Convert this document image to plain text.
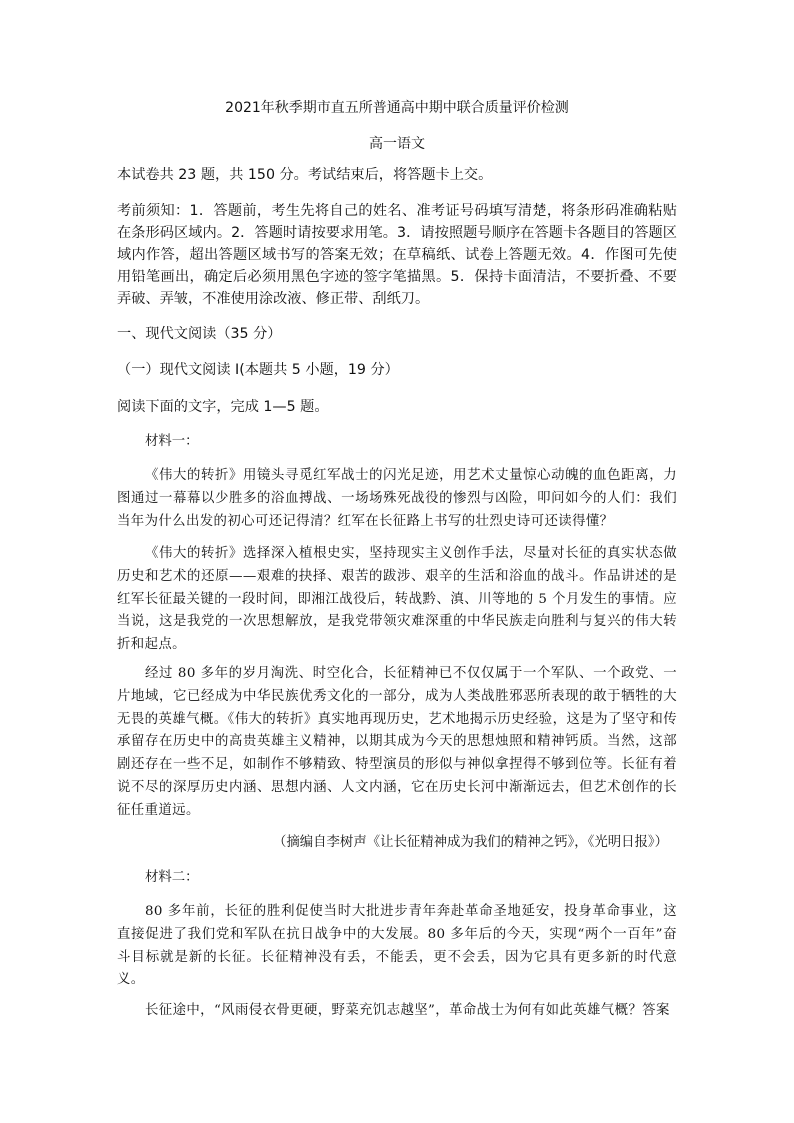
2021年秋季期市直五所普通高中期中联合质量评价检测
高一语文
本试卷共 23 题，共 150 分。考试结束后，将答题卡上交。
考前须知：1．答题前，考生先将自己的姓名、准考证号码填写清楚，将条形码准确粘贴在条形码区域内。2．答题时请按要求用笔。3．请按照题号顺序在答题卡各题目的答题区域内作答，超出答题区域书写的答案无效；在草稿纸、试卷上答题无效。4．作图可先使用铅笔画出，确定后必须用黑色字迹的签字笔描黑。5．保持卡面清洁，不要折叠、不要弄破、弄皱，不准使用涂改液、修正带、刮纸刀。
一、现代文阅读（35 分）
（一）现代文阅读 I(本题共 5 小题，19 分）
阅读下面的文字，完成 1—5 题。
材料一：
《伟大的转折》用镜头寻觅红军战士的闪光足迹，用艺术丈量惊心动魄的血色距离，力图通过一幕幕以少胜多的浴血搏战、一场场殊死战役的惨烈与凶险，叩问如今的人们：我们当年为什么出发的初心可还记得清？红军在长征路上书写的壮烈史诗可还读得懂？
《伟大的转折》选择深入植根史实，坚持现实主义创作手法，尽量对长征的真实状态做历史和艺术的还原——艰难的抉择、艰苦的跋涉、艰辛的生活和浴血的战斗。作品讲述的是红军长征最关键的一段时间，即湘江战役后，转战黔、滇、川等地的 5 个月发生的事情。应当说，这是我党的一次思想解放，是我党带领灾难深重的中华民族走向胜利与复兴的伟大转折和起点。
经过 80 多年的岁月淘洗、时空化合，长征精神已不仅仅属于一个军队、一个政党、一片地域，它已经成为中华民族优秀文化的一部分，成为人类战胜邪恶所表现的敢于牺牲的大无畏的英雄气概。《伟大的转折》真实地再现历史，艺术地揭示历史经验，这是为了坚守和传承留存在历史中的高贵英雄主义精神，以期其成为今天的思想烛照和精神钙质。当然，这部剧还存在一些不足，如制作不够精致、特型演员的形似与神似拿捏得不够到位等。长征有着说不尽的深厚历史内涵、思想内涵、人文内涵，它在历史长河中渐渐远去，但艺术创作的长征任重道远。
（摘编自李树声《让长征精神成为我们的精神之钙》，《光明日报》）
材料二：
80 多年前，长征的胜利促使当时大批进步青年奔赴革命圣地延安，投身革命事业，这直接促进了我们党和军队在抗日战争中的大发展。80 多年后的今天，实现“两个一百年”奋斗目标就是新的长征。长征精神没有丢，不能丢，更不会丢，因为它具有更多新的时代意义。
长征途中，“风雨侵衣骨更硬，野菜充饥志越坚”，革命战士为何有如此英雄气概？答案
